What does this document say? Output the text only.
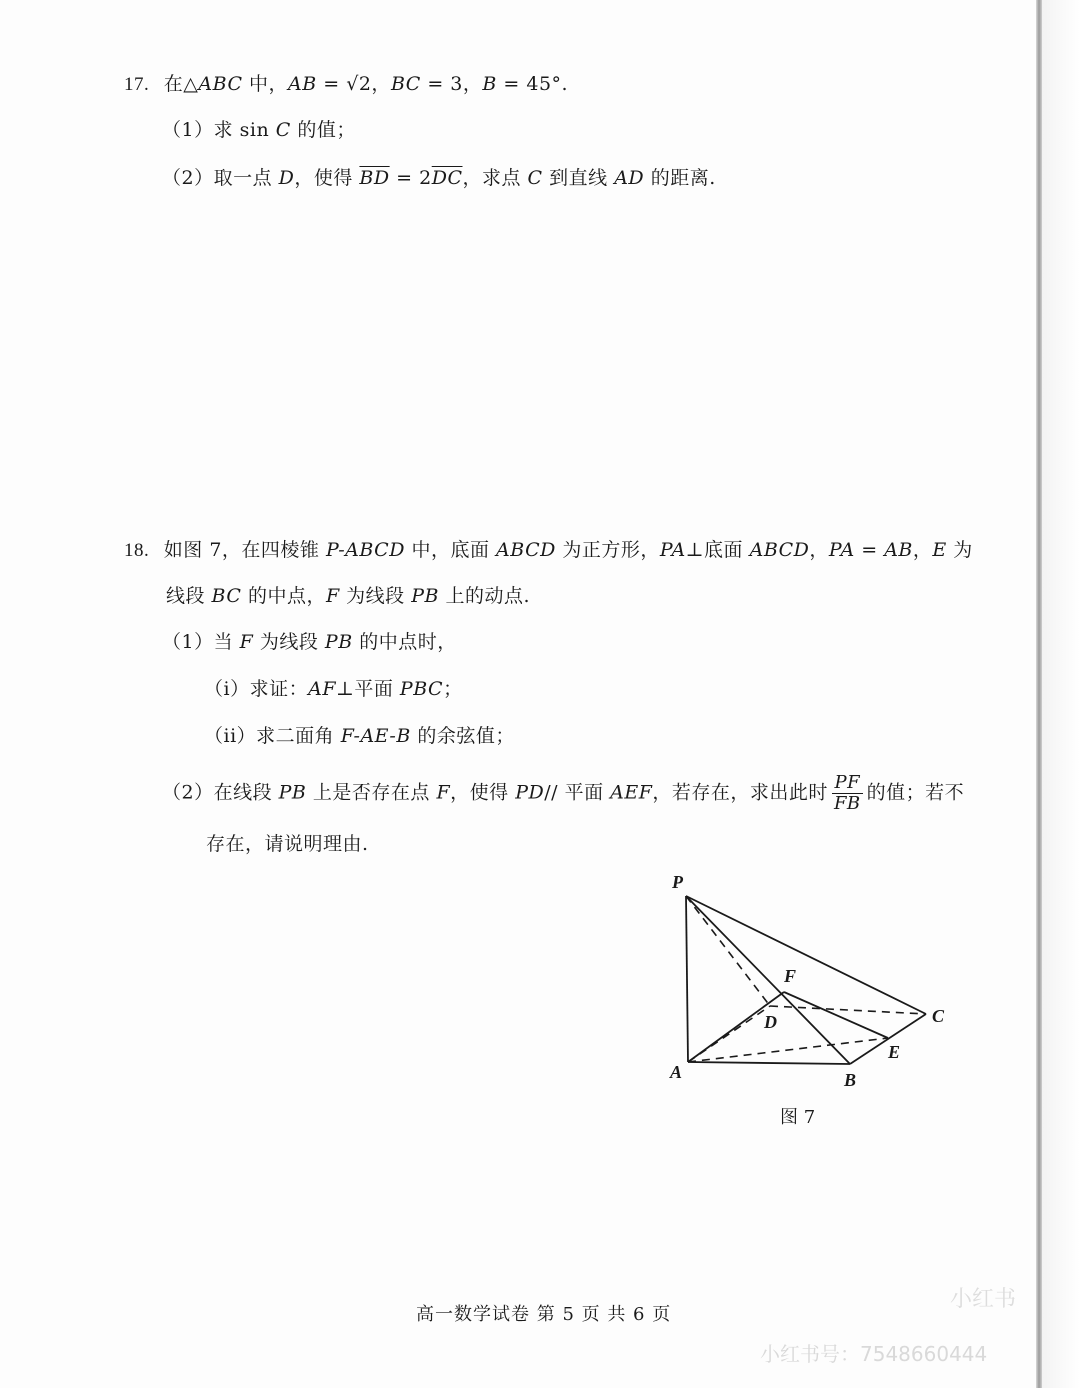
17. 在△ABC 中，AB = √2，BC = 3，B = 45°.
（1）求 sin C 的值；
（2）取一点 D，使得 $\overline{BD} = 2\overline{DC}$，求点 C 到直线 AD 的距离.
18. 如图 7，在四棱锥 P-ABCD 中，底面 ABCD 为正方形，PA⊥底面 ABCD，PA = AB，E 为
线段 BC 的中点，F 为线段 PB 上的动点.
（1）当 F 为线段 PB 的中点时，
（i）求证：AF⊥平面 PBC；
（ii）求二面角 F-AE-B 的余弦值；
（2）在线段 PB 上是否存在点 F，使得 PD// 平面 AEF，若存在，求出此时 $\frac{PF}{FB}$ 的值；若不
存在，请说明理由.
P
F
D	C
A
E
B
图 7
高一数学试卷 第 5 页 共 6 页
小红书
小红书号：7548660444
